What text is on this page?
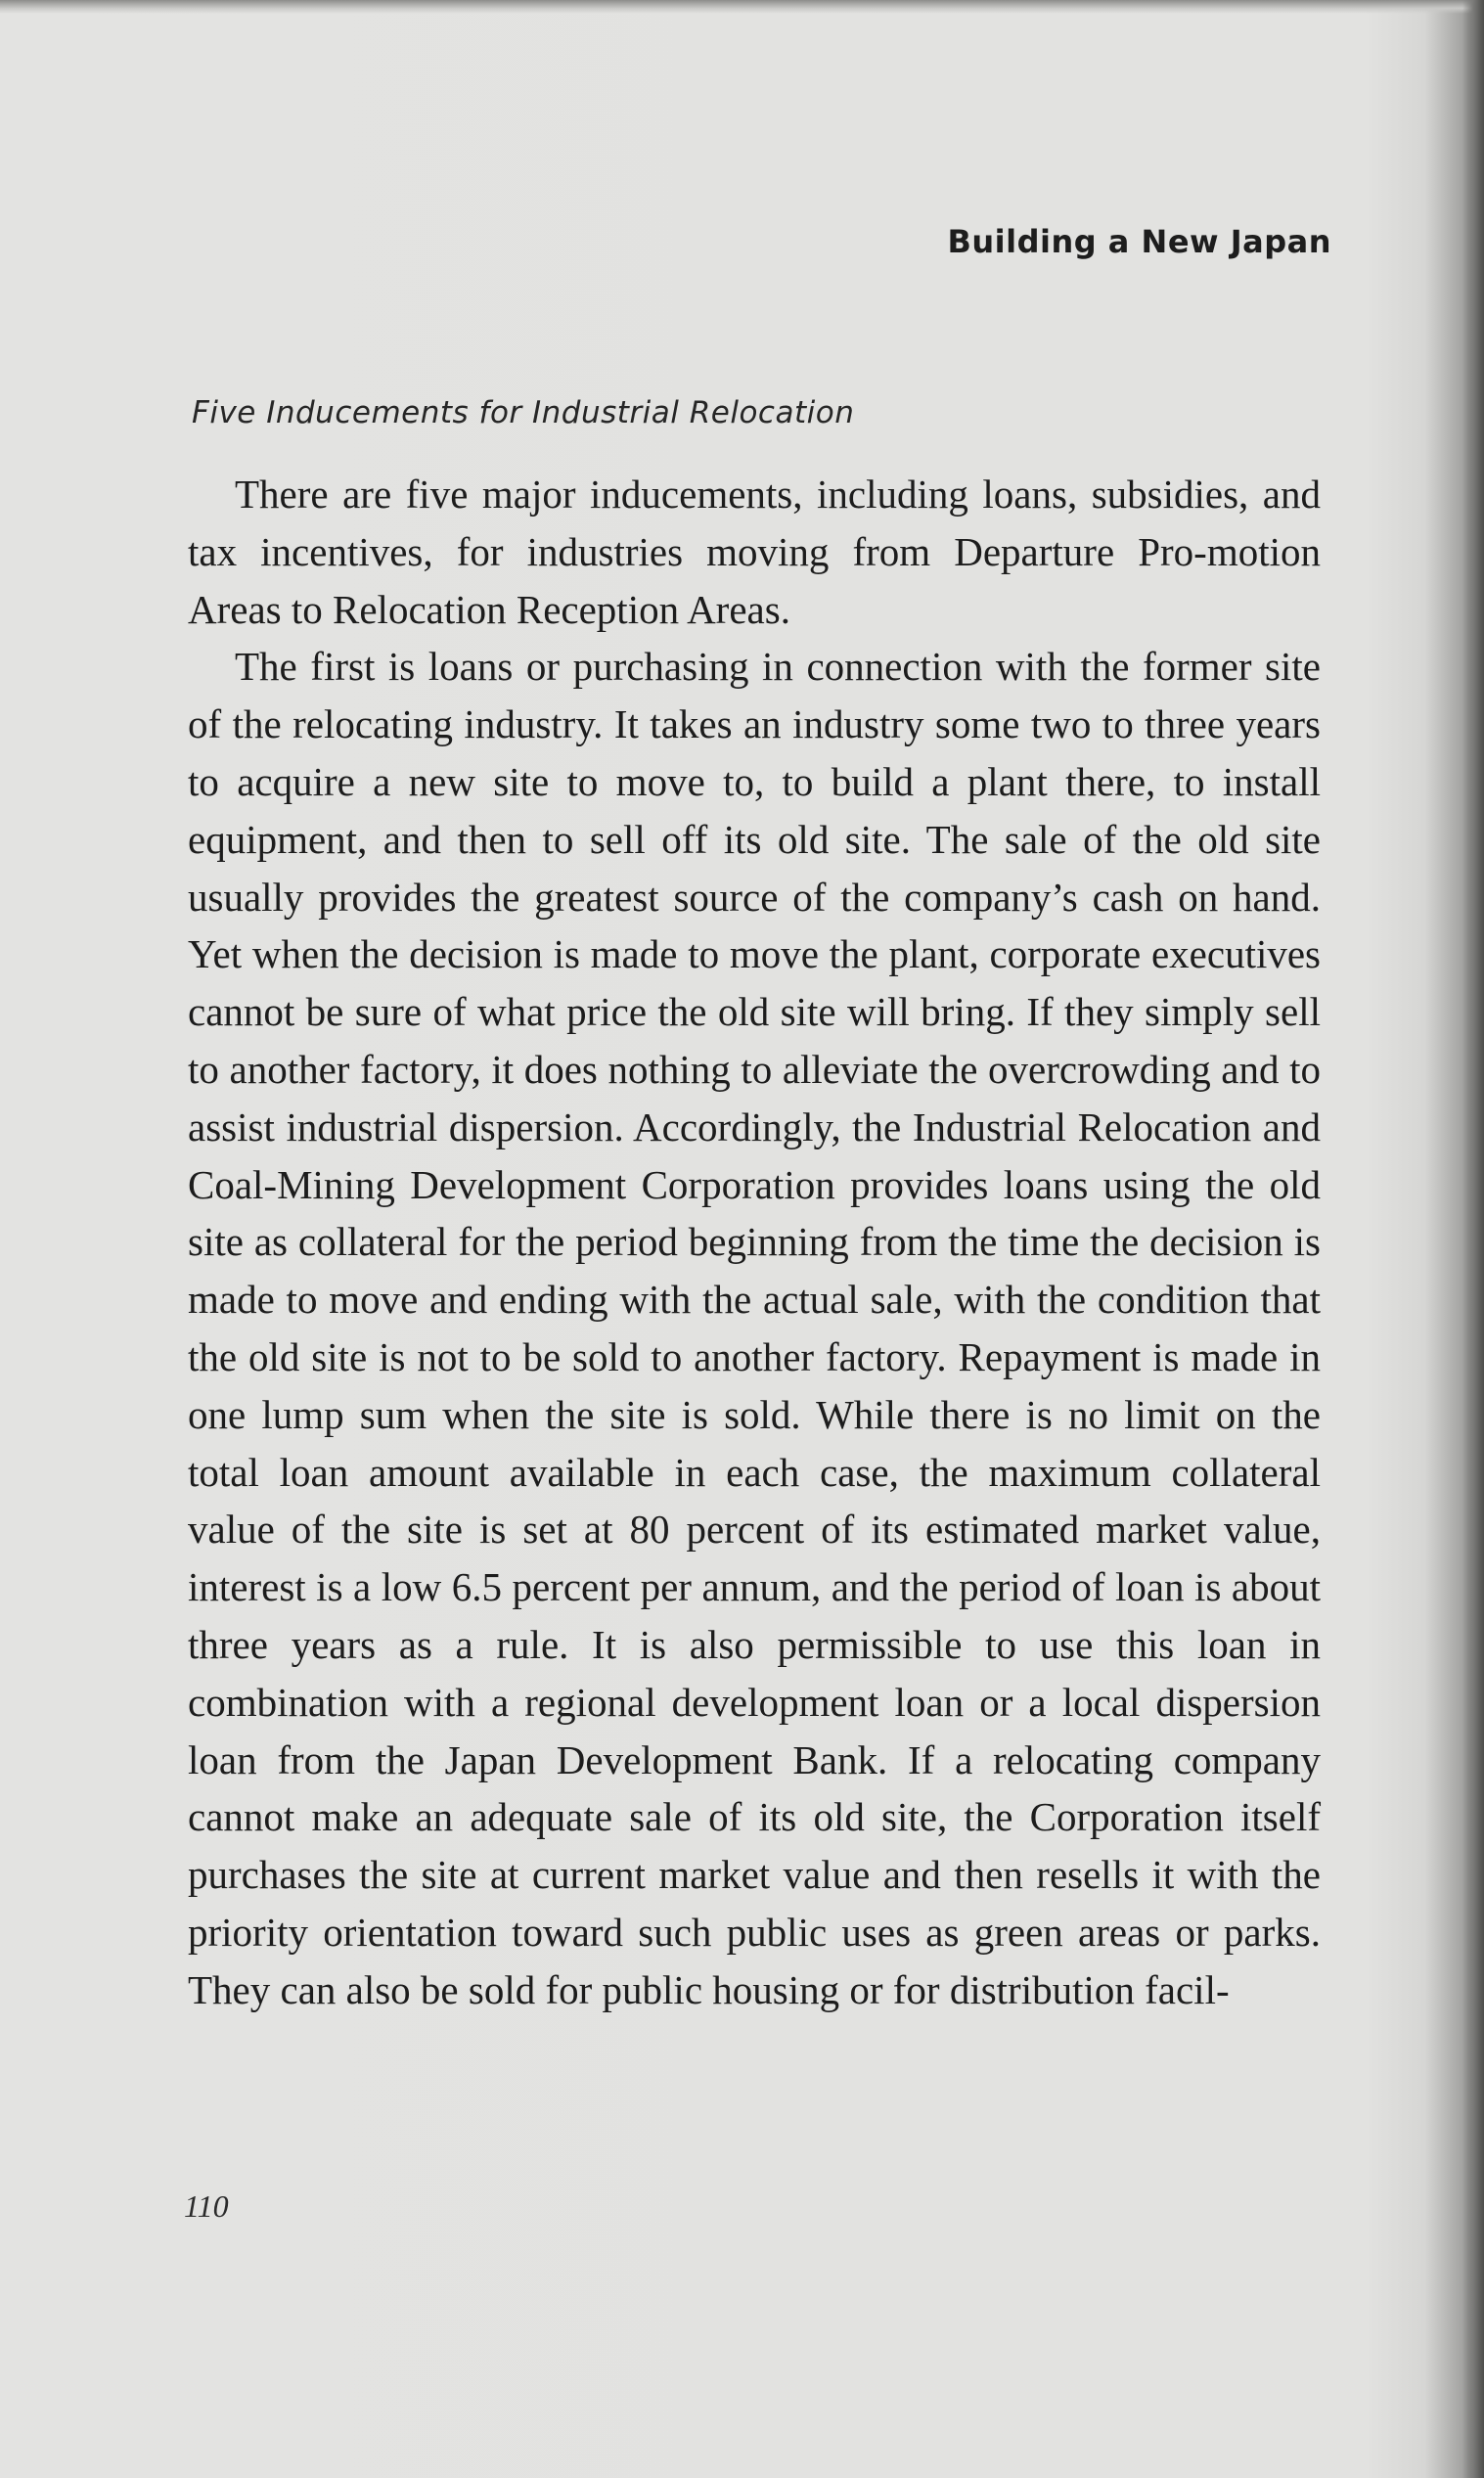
Building a New Japan
Five Inducements for Industrial Relocation

There are five major inducements, including loans, subsidies, and tax incentives, for industries moving from Departure Pro-motion Areas to Relocation Reception Areas.

The first is loans or purchasing in connection with the former site of the relocating industry. It takes an industry some two to three years to acquire a new site to move to, to build a plant there, to install equipment, and then to sell off its old site. The sale of the old site usually provides the greatest source of the company’s cash on hand. Yet when the decision is made to move the plant, corporate executives cannot be sure of what price the old site will bring. If they simply sell to another factory, it does nothing to alleviate the overcrowding and to assist industrial dispersion. Accordingly, the Industrial Relocation and Coal-Mining Development Corporation provides loans using the old site as collateral for the period beginning from the time the decision is made to move and ending with the actual sale, with the condition that the old site is not to be sold to another factory. Repayment is made in one lump sum when the site is sold. While there is no limit on the total loan amount available in each case, the maximum collateral value of the site is set at 80 percent of its estimated market value, interest is a low 6.5 percent per annum, and the period of loan is about three years as a rule. It is also permissible to use this loan in combination with a regional development loan or a local dispersion loan from the Japan Development Bank. If a relocating company cannot make an adequate sale of its old site, the Corporation itself purchases the site at current market value and then resells it with the priority orientation toward such public uses as green areas or parks. They can also be sold for public housing or for distribution facil-

110
